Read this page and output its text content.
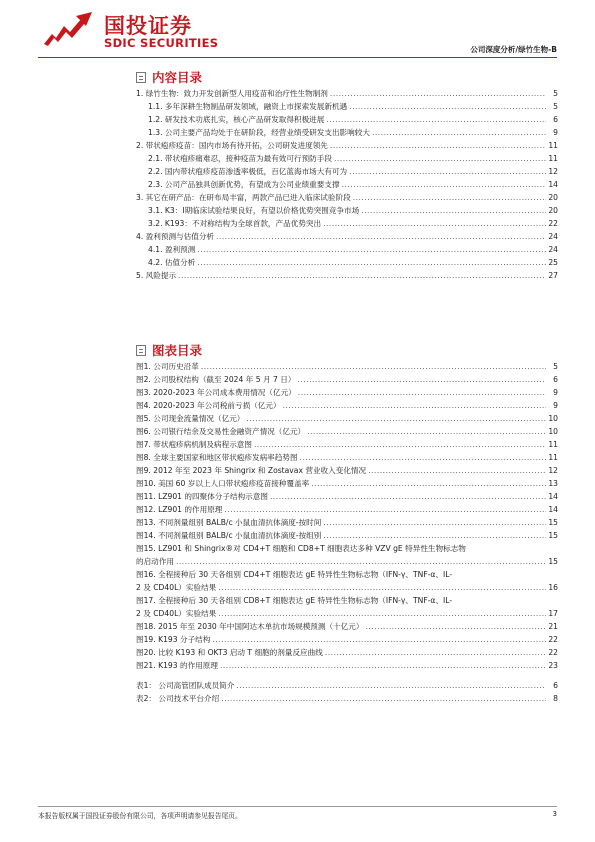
国投证券
SDIC SECURITIES	公司深度分析/绿竹生物-B
内容目录
1. 绿竹生物：致力开发创新型人用疫苗和治疗性生物制剂 .....	5
1.1. 多年深耕生物制品研发领域，融资上市探索发展新机遇 .....	5
1.2. 研发技术功底扎实，核心产品研发取得积极进展 .....	6
1.3. 公司主要产品均处于在研阶段，经营业绩受研发支出影响较大 .....	9
2. 带状疱疹疫苗：国内市场有待开拓，公司研发进度领先 .....	11
2.1. 带状疱疹痛难忍，接种疫苗为最有效可行预防手段 .....	11
2.2. 国内带状疱疹疫苗渗透率极低，百亿蓝海市场大有可为 .....	12
2.3. 公司产品独具创新优势，有望成为公司业绩重要支撑 .....	14
3. 其它在研产品：在研布局丰富，两款产品已进入临床试验阶段 .....	20
3.1. K3：Ⅰ期临床试验结果良好，有望以价格优势突围竞争市场 .....	20
3.2. K193：不对称结构为全球首款，产品优势突出 .....	22
4. 盈利预测与估值分析 .....	24
4.1. 盈利预测 .....	24
4.2. 估值分析 .....	25
5. 风险提示 .....	27
图表目录
图1. 公司历史沿革 .....	5
图2. 公司股权结构（截至 2024 年 5 月 7 日） .....	6
图3. 2020-2023 年公司成本费用情况（亿元） .....	9
图4. 2020-2023 年公司税前亏损（亿元） .....	9
图5. 公司现金流量情况（亿元） .....	10
图6. 公司银行结余及交易性金融资产情况（亿元） .....	10
图7. 带状疱疹病机制及病程示意图 .....	11
图8. 全球主要国家和地区带状疱疹发病率趋势图 .....	11
图9. 2012 年至 2023 年 Shingrix 和 Zostavax 营业收入变化情况 .....	12
图10. 美国 60 岁以上人口带状疱疹疫苗接种覆盖率 .....	13
图11. LZ901 的四聚体分子结构示意图 .....	14
图12. LZ901 的作用原理 .....	14
图13. 不同剂量组别 BALB/c 小鼠血清抗体滴度-按时间 .....	15
图14. 不同剂量组别 BALB/c 小鼠血清抗体滴度-按组别 .....	15
图15. LZ901 和 Shingrix®对 CD4+T 细胞和 CD8+T 细胞表达多种 VZV gE 特异性生物标志物
的启动作用 .....	15
图16. 全程接种后 30 天各组别 CD4+T 细胞表达 gE 特异性生物标志物（IFN-γ、TNF-α、IL-
2 及 CD40L）实验结果 .....	16
图17. 全程接种后 30 天各组别 CD8+T 细胞表达 gE 特异性生物标志物（IFN-γ、TNF-α、IL-
2 及 CD40L）实验结果 .....	17
图18. 2015 年至 2030 年中国阿达木单抗市场规模预测（十亿元） .....	21
图19. K193 分子结构 .....	22
图20. 比较 K193 和 OKT3 启动 T 细胞的剂量反应曲线 .....	22
图21. K193 的作用原理 .....	23
表1： 公司高管团队成员简介 .....	6
表2： 公司技术平台介绍 .....	8
本报告版权属于国投证券股份有限公司，各项声明请参见报告尾页。	3
